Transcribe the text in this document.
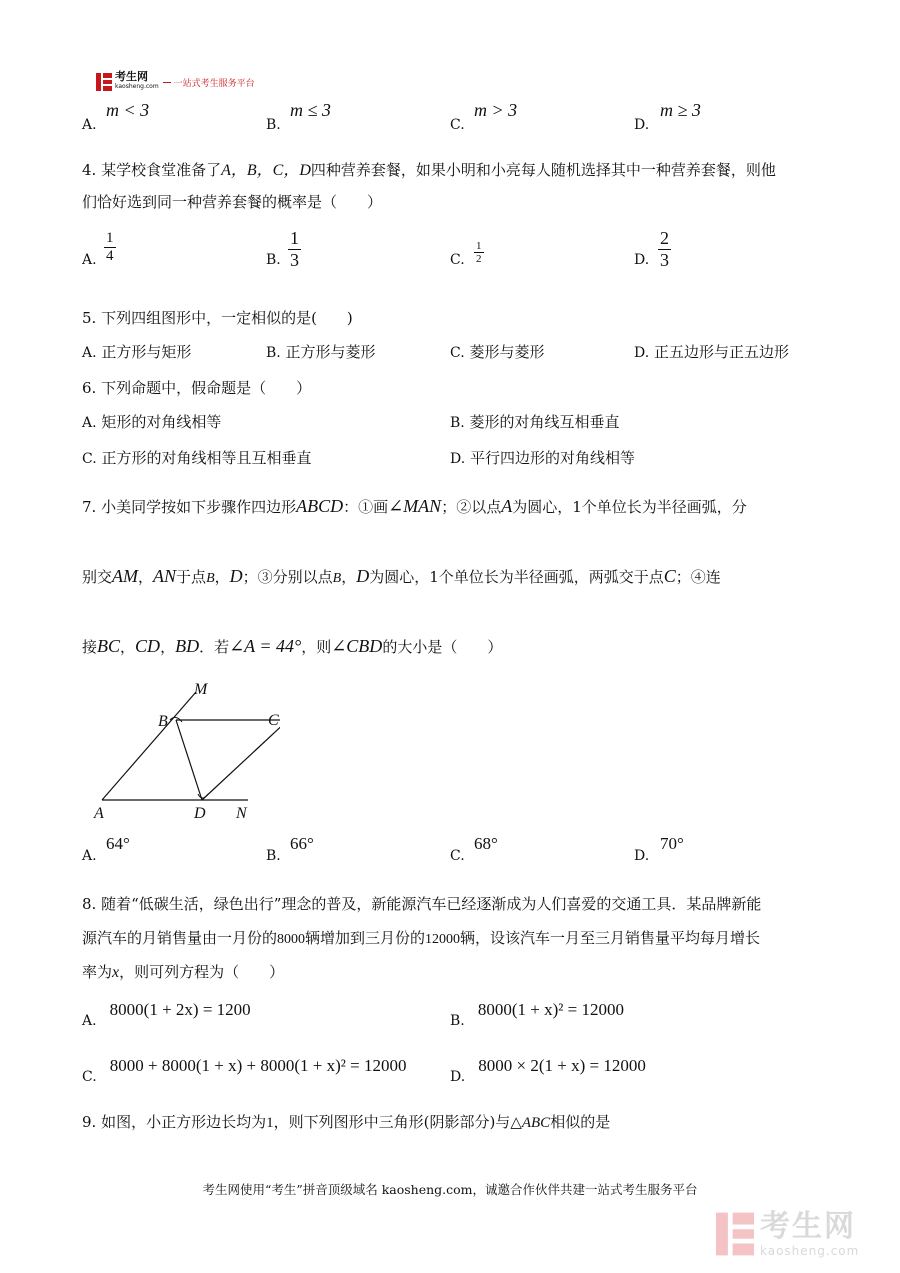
考生网
kaosheng.com 一站式考生服务平台
A.
m < 3
B.
m ≤ 3
C.
m > 3
D.
m ≥ 3
4. 某学校食堂准备了A，B，C，D四种营养套餐，如果小明和小亮每人随机选择其中一种营养套餐，则他
们恰好选到同一种营养套餐的概率是（　　）
A. $\frac{1}{4}$	B. $\frac{1}{3}$	C. $\frac{1}{2}$	D. $\frac{2}{3}$
5. 下列四组图形中，一定相似的是(　　)
A. 正方形与矩形	B. 正方形与菱形	C. 菱形与菱形	D. 正五边形与正五边形
6. 下列命题中，假命题是（　　）
A. 矩形的对角线相等	B. 菱形的对角线互相垂直
C. 正方形的对角线相等且互相垂直	D. 平行四边形的对角线相等
7. 小美同学按如下步骤作四边形ABCD：①画∠MAN；②以点A为圆心，1个单位长为半径画弧，分
别交AM，AN于点B，D；③分别以点B，D为圆心，1个单位长为半径画弧，两弧交于点C；④连
接BC，CD，BD．若∠A = 44°，则∠CBD的大小是（　　）
M
B	C
A	D N
A.
64°
B.
66°
C.
68°
D.
70°
8. 随着“低碳生活，绿色出行”理念的普及，新能源汽车已经逐渐成为人们喜爱的交通工具．某品牌新能
源汽车的月销售量由一月份的8000辆增加到三月份的12000辆，设该汽车一月至三月销售量平均每月增长
率为x，则可列方程为（　　）
A. 8000(1 + 2x) = 1200
B. 8000(1 + x)² = 12000
C. 8000 + 8000(1 + x) + 8000(1 + x)² = 12000
D. 8000 × 2(1 + x) = 12000
9. 如图，小正方形边长均为1，则下列图形中三角形(阴影部分)与△ABC相似的是
考生网使用“考生”拼音顶级域名 kaosheng.com，诚邀合作伙伴共建一站式考生服务平台
考生网
kaosheng.com
